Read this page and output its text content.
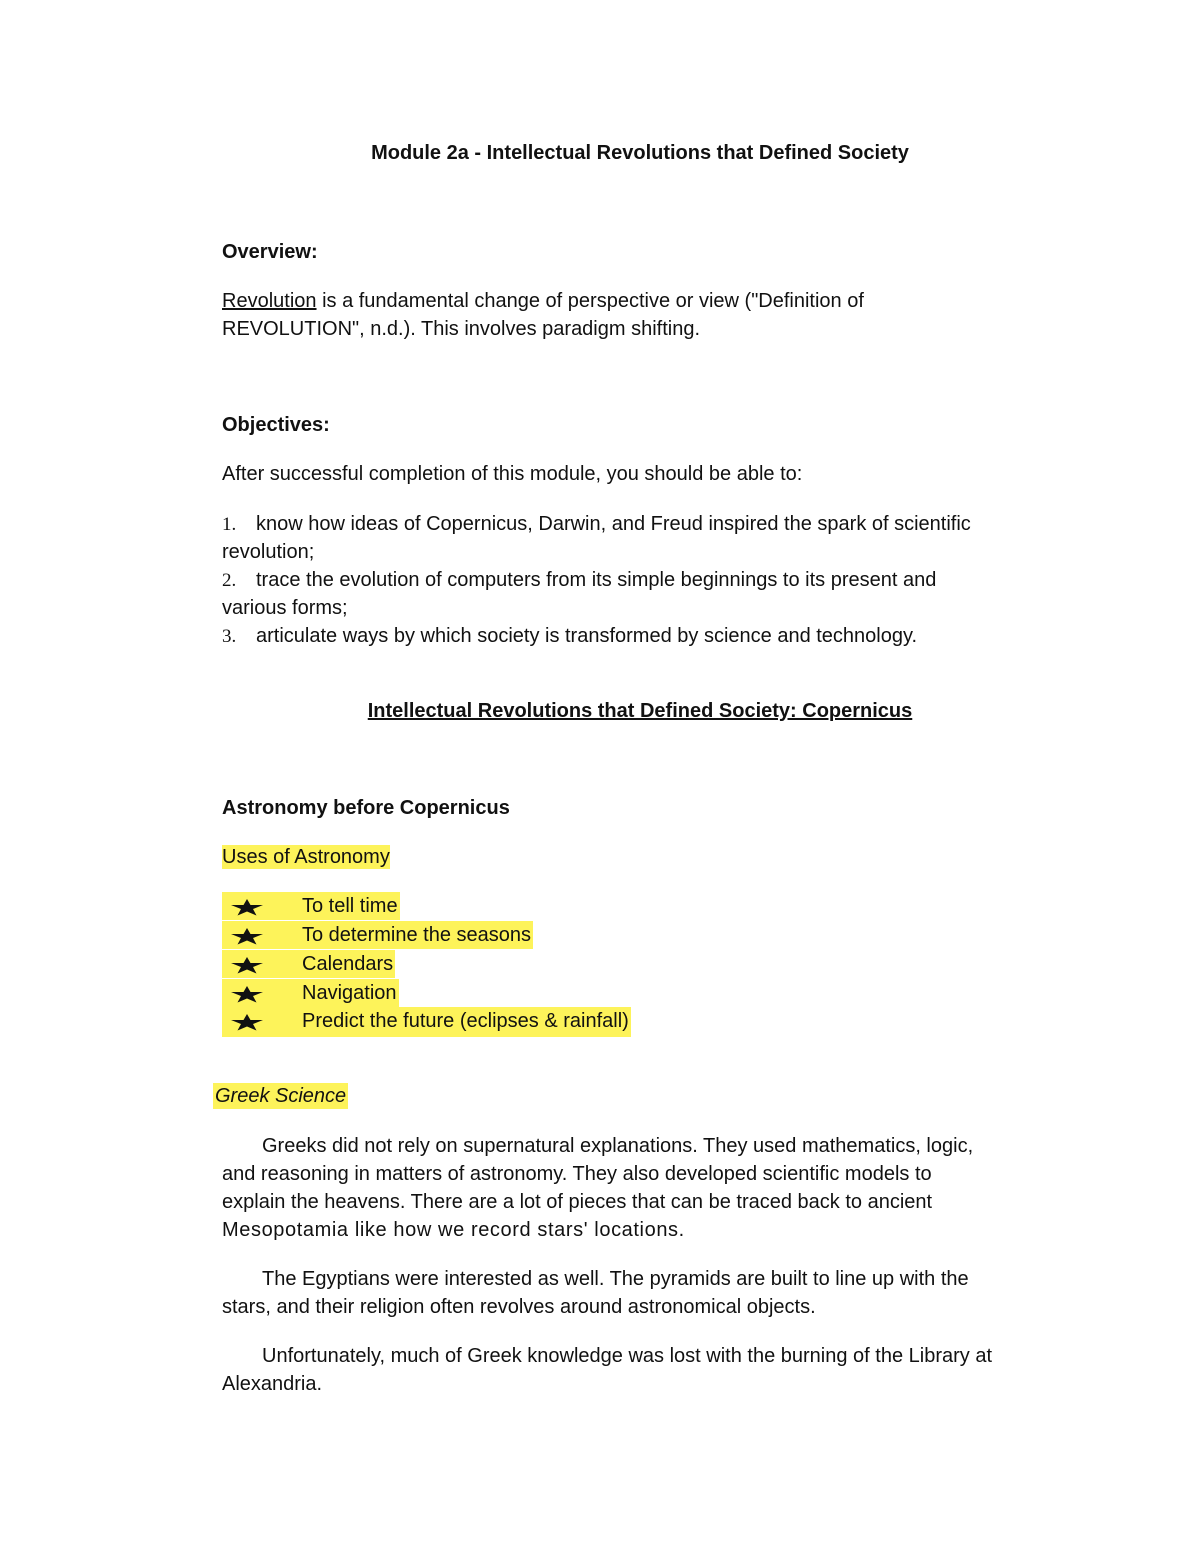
Module 2a - Intellectual Revolutions that Defined Society
Overview:
Revolution is a fundamental change of perspective or view ("Definition of
REVOLUTION", n.d.). This involves paradigm shifting.
Objectives:
After successful completion of this module, you should be able to:
1. know how ideas of Copernicus, Darwin, and Freud inspired the spark of scientific
revolution;
2. trace the evolution of computers from its simple beginnings to its present and
various forms;
3. articulate ways by which society is transformed by science and technology.
Intellectual Revolutions that Defined Society: Copernicus
Astronomy before Copernicus
Uses of Astronomy
To tell time
To determine the seasons
Calendars
Navigation
Predict the future (eclipses & rainfall)
Greek Science
Greeks did not rely on supernatural explanations. They used mathematics, logic,
and reasoning in matters of astronomy. They also developed scientific models to
explain the heavens. There are a lot of pieces that can be traced back to ancient
Mesopotamia like how we record stars' locations.
The Egyptians were interested as well. The pyramids are built to line up with the
stars, and their religion often revolves around astronomical objects.
Unfortunately, much of Greek knowledge was lost with the burning of the Library at
Alexandria.
